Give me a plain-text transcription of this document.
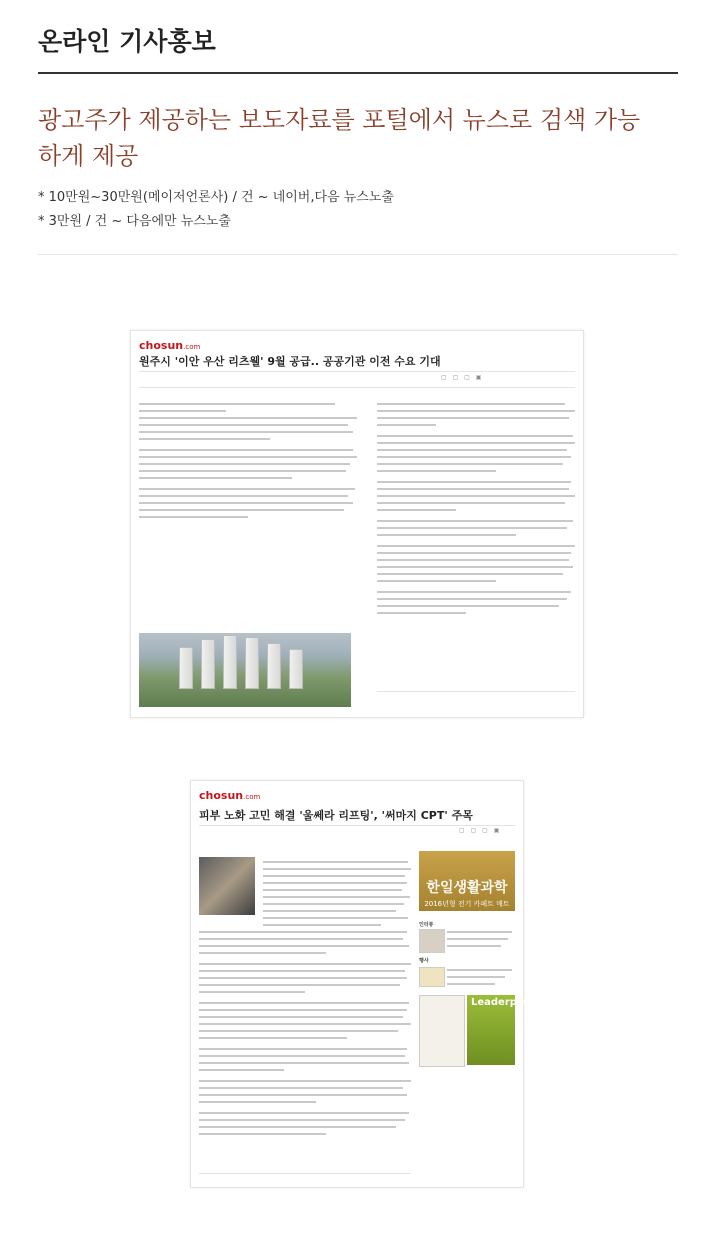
온라인 기사홍보
광고주가 제공하는 보도자료를 포털에서 뉴스로 검색 가능하게 제공
* 10만원~30만원(메이저언론사) / 건 ~ 네이버,다음 뉴스노출
* 3만원 / 건 ~ 다음에만 뉴스노출
chosun.com
원주시 '이안 우산 리츠웰' 9월 공급.. 공공기관 이전 수요 기대
▢ ▢ ▢ ▣
chosun.com
피부 노화 고민 해결 '울쎄라 리프팅', '써마지 CPT' 주목
▢ ▢ ▢ ▣
한일생활과학
2016년형 전기 카페트 매트
인터뷰
행사
Leaderpia
